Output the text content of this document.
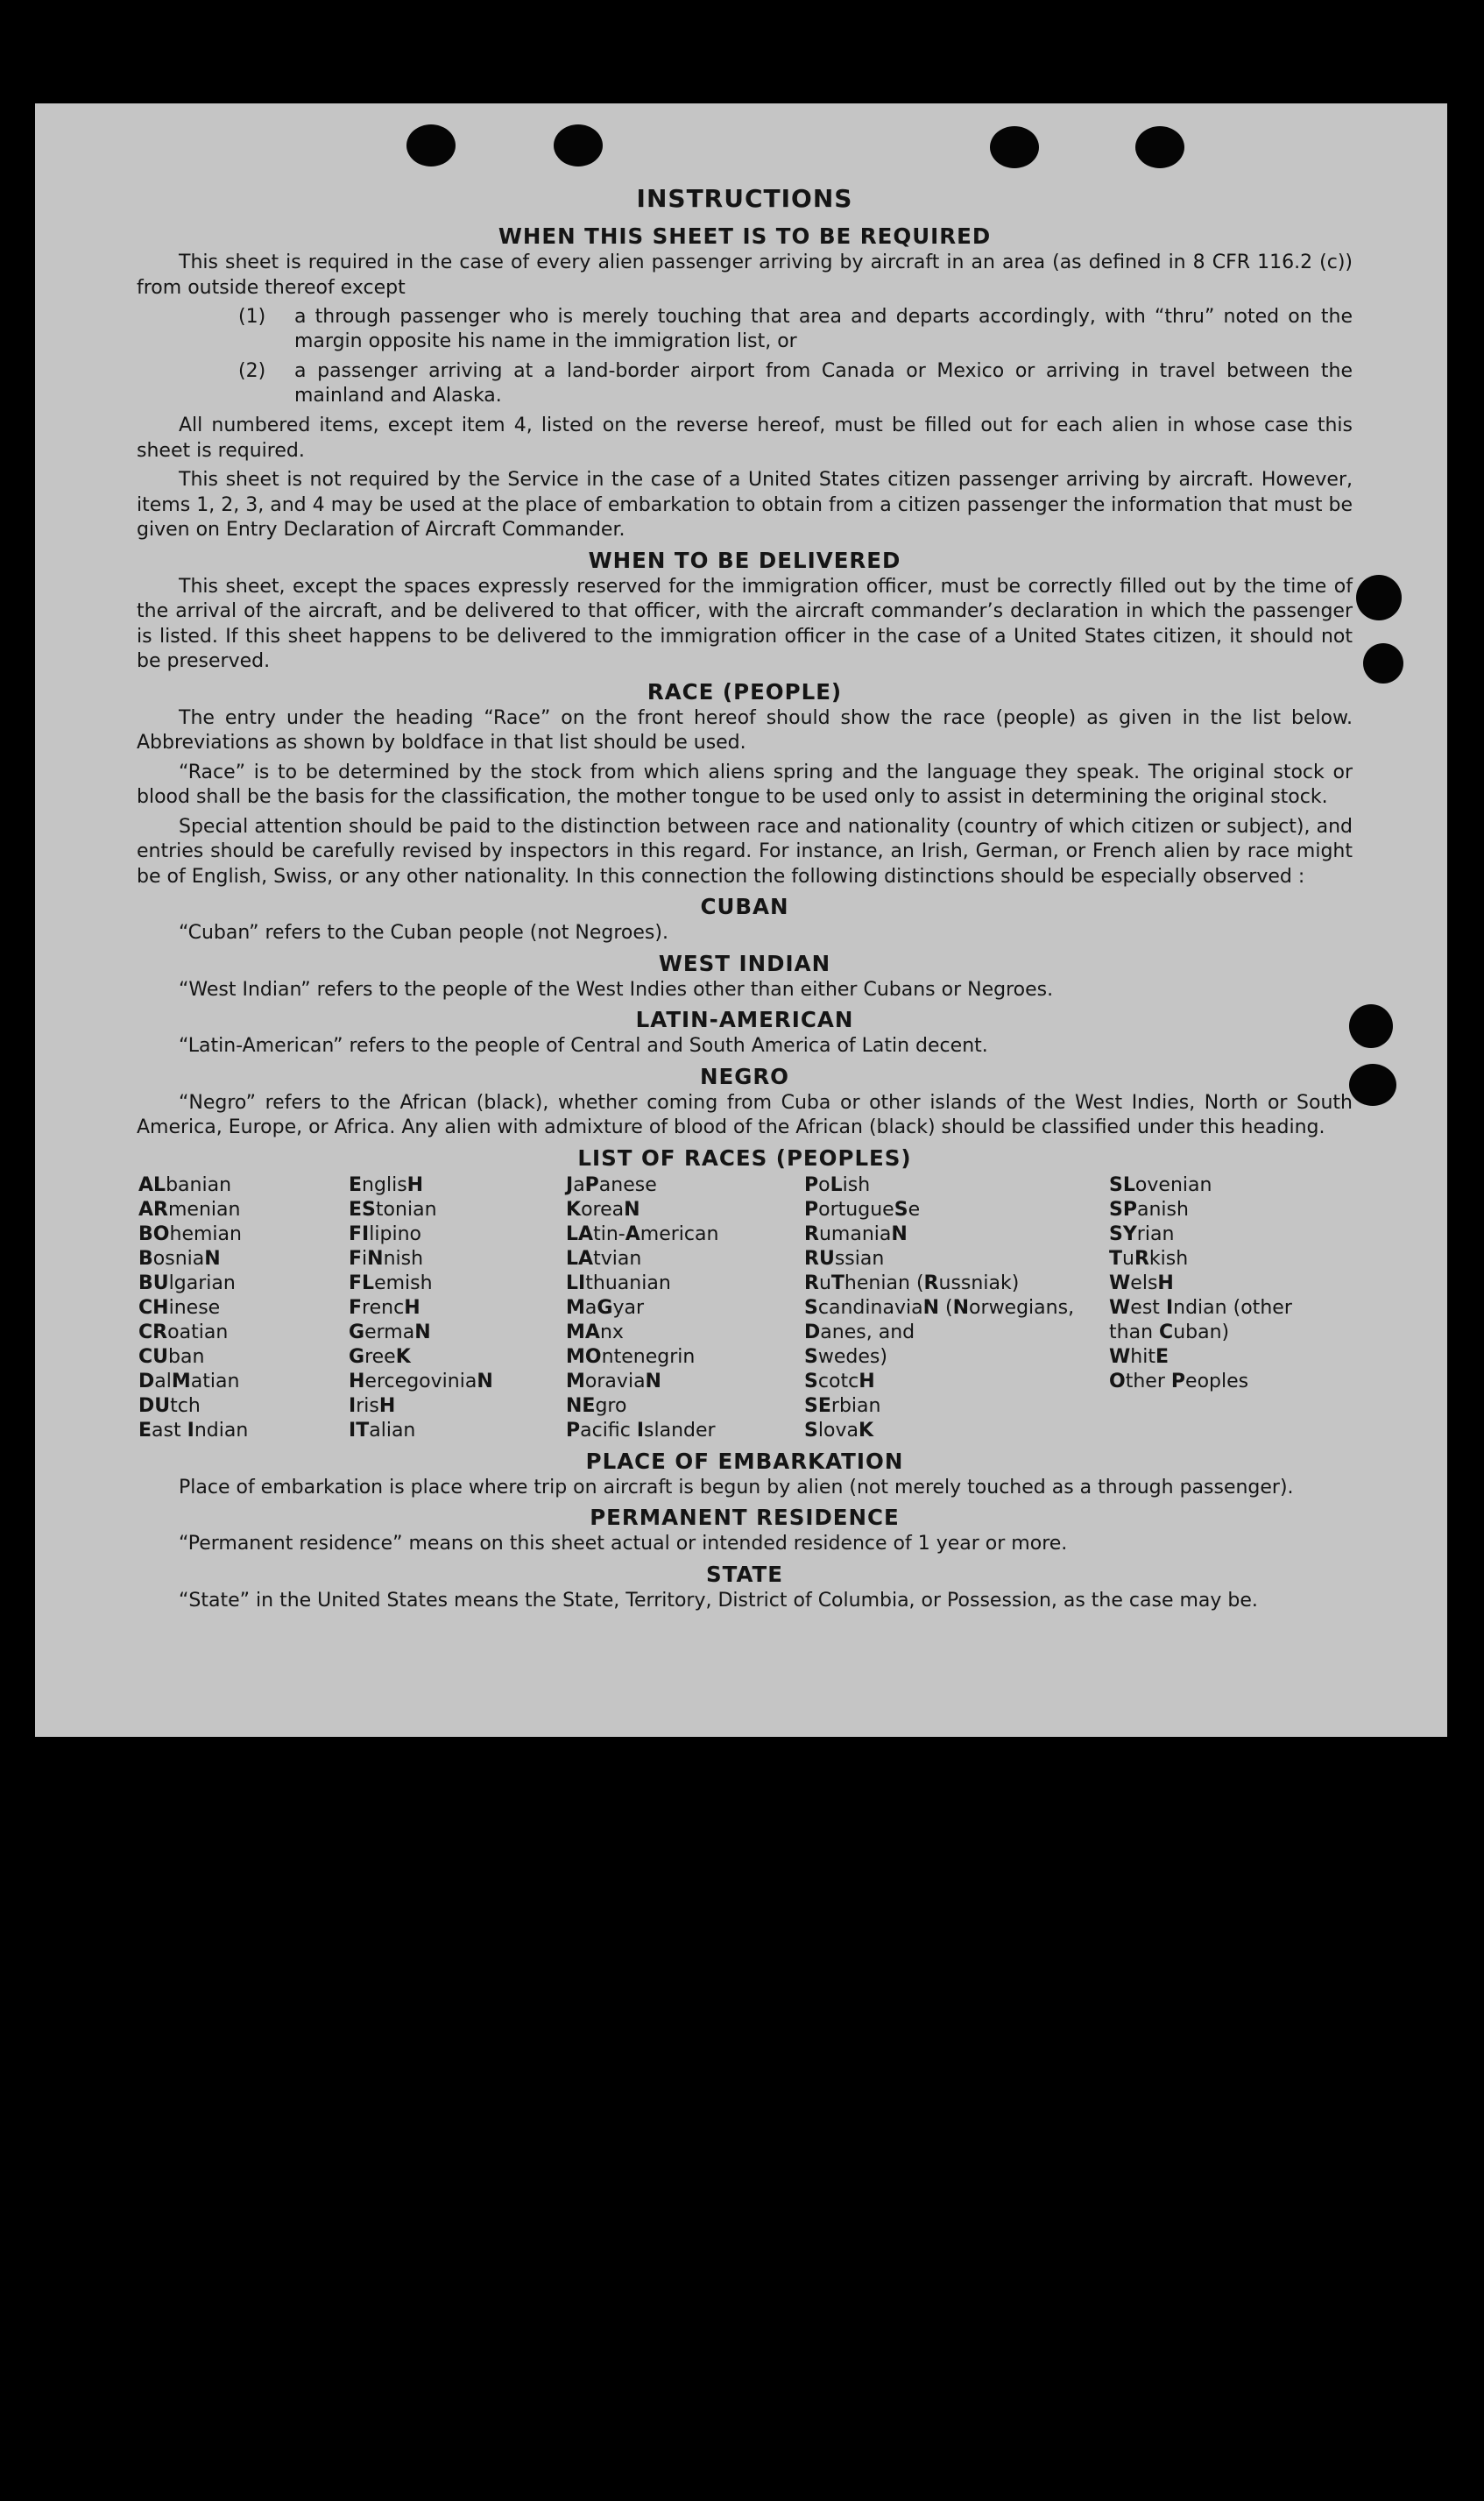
INSTRUCTIONS
WHEN THIS SHEET IS TO BE REQUIRED
This sheet is required in the case of every alien passenger arriving by aircraft in an area (as defined in 8 CFR 116.2 (c)) from outside thereof except
(1)	a through passenger who is merely touching that area and departs accordingly, with “thru” noted on the margin opposite his name in the immigration list, or
(2)	a passenger arriving at a land-border airport from Canada or Mexico or arriving in travel between the mainland and Alaska.
All numbered items, except item 4, listed on the reverse hereof, must be filled out for each alien in whose case this sheet is required.
This sheet is not required by the Service in the case of a United States citizen passenger arriving by aircraft. However, items 1, 2, 3, and 4 may be used at the place of embarkation to obtain from a citizen passenger the information that must be given on Entry Declaration of Aircraft Commander.
WHEN TO BE DELIVERED
This sheet, except the spaces expressly reserved for the immigration officer, must be correctly filled out by the time of the arrival of the aircraft, and be delivered to that officer, with the aircraft commander’s declaration in which the passenger is listed. If this sheet happens to be delivered to the immigration officer in the case of a United States citizen, it should not be preserved.
RACE (PEOPLE)
The entry under the heading “Race” on the front hereof should show the race (people) as given in the list below. Abbreviations as shown by boldface in that list should be used.
“Race” is to be determined by the stock from which aliens spring and the language they speak. The original stock or blood shall be the basis for the classification, the mother tongue to be used only to assist in determining the original stock.
Special attention should be paid to the distinction between race and nationality (country of which citizen or subject), and entries should be carefully revised by inspectors in this regard. For instance, an Irish, German, or French alien by race might be of English, Swiss, or any other nationality. In this connection the following distinctions should be especially observed :
CUBAN
“Cuban” refers to the Cuban people (not Negroes).
WEST INDIAN
“West Indian” refers to the people of the West Indies other than either Cubans or Negroes.
LATIN-AMERICAN
“Latin-American” refers to the people of Central and South America of Latin decent.
NEGRO
“Negro” refers to the African (black), whether coming from Cuba or other islands of the West Indies, North or South America, Europe, or Africa. Any alien with admixture of blood of the African (black) should be classified under this heading.
LIST OF RACES (PEOPLES)
ALbanian
ARmenian
BOhemian
BosniaN
BUlgarian
CHinese
CRoatian
CUban
DalMatian
DUtch
East Indian
EnglisH
EStonian
FIlipino
FiNnish
FLemish
FrencH
GermaN
GreeK
HercegoviniaN
IrisH
ITalian
JaPanese
KoreaN
LAtin-American
LAtvian
LIthuanian
MaGyar
MAnx
MOntenegrin
MoraviaN
NEgro
Pacifc Islander
PoLish
PortugueSe
RumaniaN
RUssian
RuThenian (Russniak)
ScandinaviaN (Norwegians,
Danes, and
Swedes)
ScotcH
SErbian
SlovaK
SLovenian
SPanish
SYrian
TuRkish
WelsH
West Indian (other
than Cuban)
WhitE
Other Peoples
PLACE OF EMBARKATION
Place of embarkation is place where trip on aircraft is begun by alien (not merely touched as a through passenger).
PERMANENT RESIDENCE
“Permanent residence” means on this sheet actual or intended residence of 1 year or more.
STATE
“State” in the United States means the State, Territory, District of Columbia, or Possession, as the case may be.
